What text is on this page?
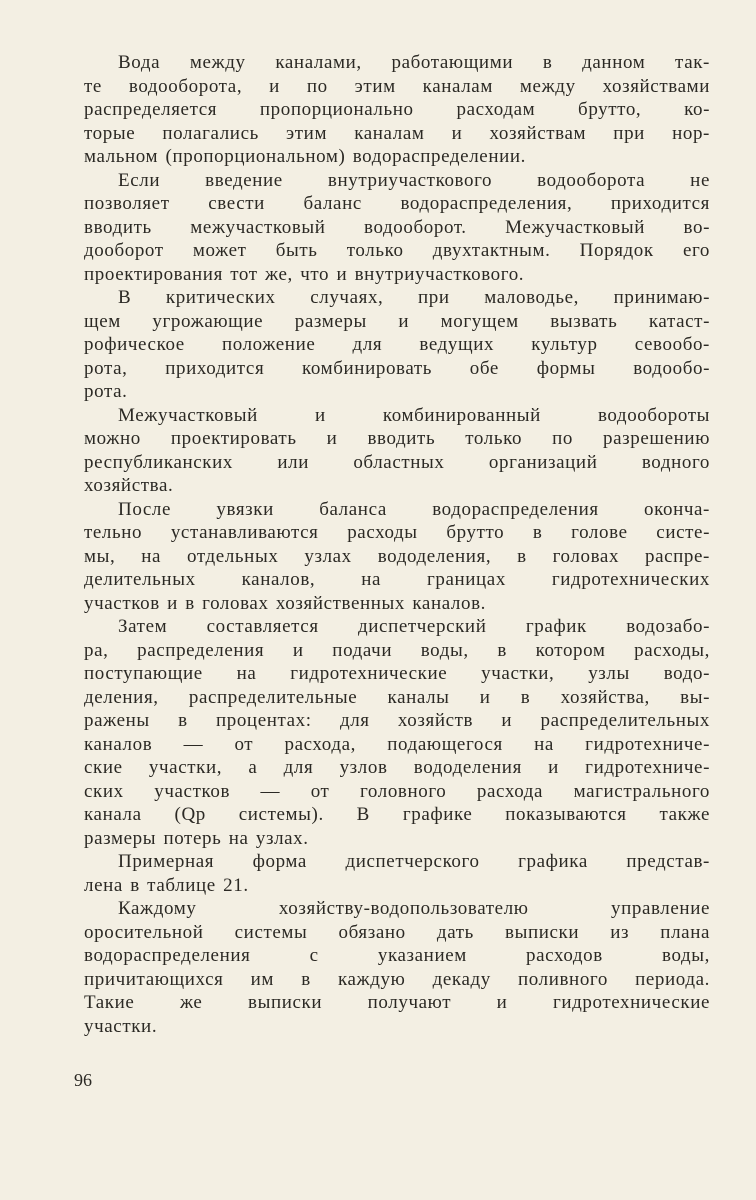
Вода между каналами, работающими в данном так-
те водооборота, и по этим каналам между хозяйствами
распределяется пропорционально расходам брутто, ко-
торые полагались этим каналам и хозяйствам при нор-
мальном (пропорциональном) водораспределении.
Если введение внутриучасткового водооборота не
позволяет свести баланс водораспределения, приходится
вводить межучастковый водооборот. Межучастковый во-
дооборот может быть только двухтактным. Порядок его
проектирования тот же, что и внутриучасткового.
В критических случаях, при маловодье, принимаю-
щем угрожающие размеры и могущем вызвать катаст-
рофическое положение для ведущих культур севообо-
рота, приходится комбинировать обе формы водообо-
рота.
Межучастковый и комбинированный водообороты
можно проектировать и вводить только по разрешению
республиканских или областных организаций водного
хозяйства.
После увязки баланса водораспределения оконча-
тельно устанавливаются расходы брутто в голове систе-
мы, на отдельных узлах вододеления, в головах распре-
делительных каналов, на границах гидротехнических
участков и в головах хозяйственных каналов.
Затем составляется диспетчерский график водозабо-
ра, распределения и подачи воды, в котором расходы,
поступающие на гидротехнические участки, узлы водо-
деления, распределительные каналы и в хозяйства, вы-
ражены в процентах: для хозяйств и распределительных
каналов — от расхода, подающегося на гидротехниче-
ские участки, а для узлов вододеления и гидротехниче-
ских участков — от головного расхода магистрального
канала (Qр системы). В графике показываются также
размеры потерь на узлах.
Примерная форма диспетчерского графика представ-
лена в таблице 21.
Каждому хозяйству-водопользователю управление
оросительной системы обязано дать выписки из плана
водораспределения с указанием расходов воды,
причитающихся им в каждую декаду поливного периода.
Такие же выписки получают и гидротехнические
участки.
96
